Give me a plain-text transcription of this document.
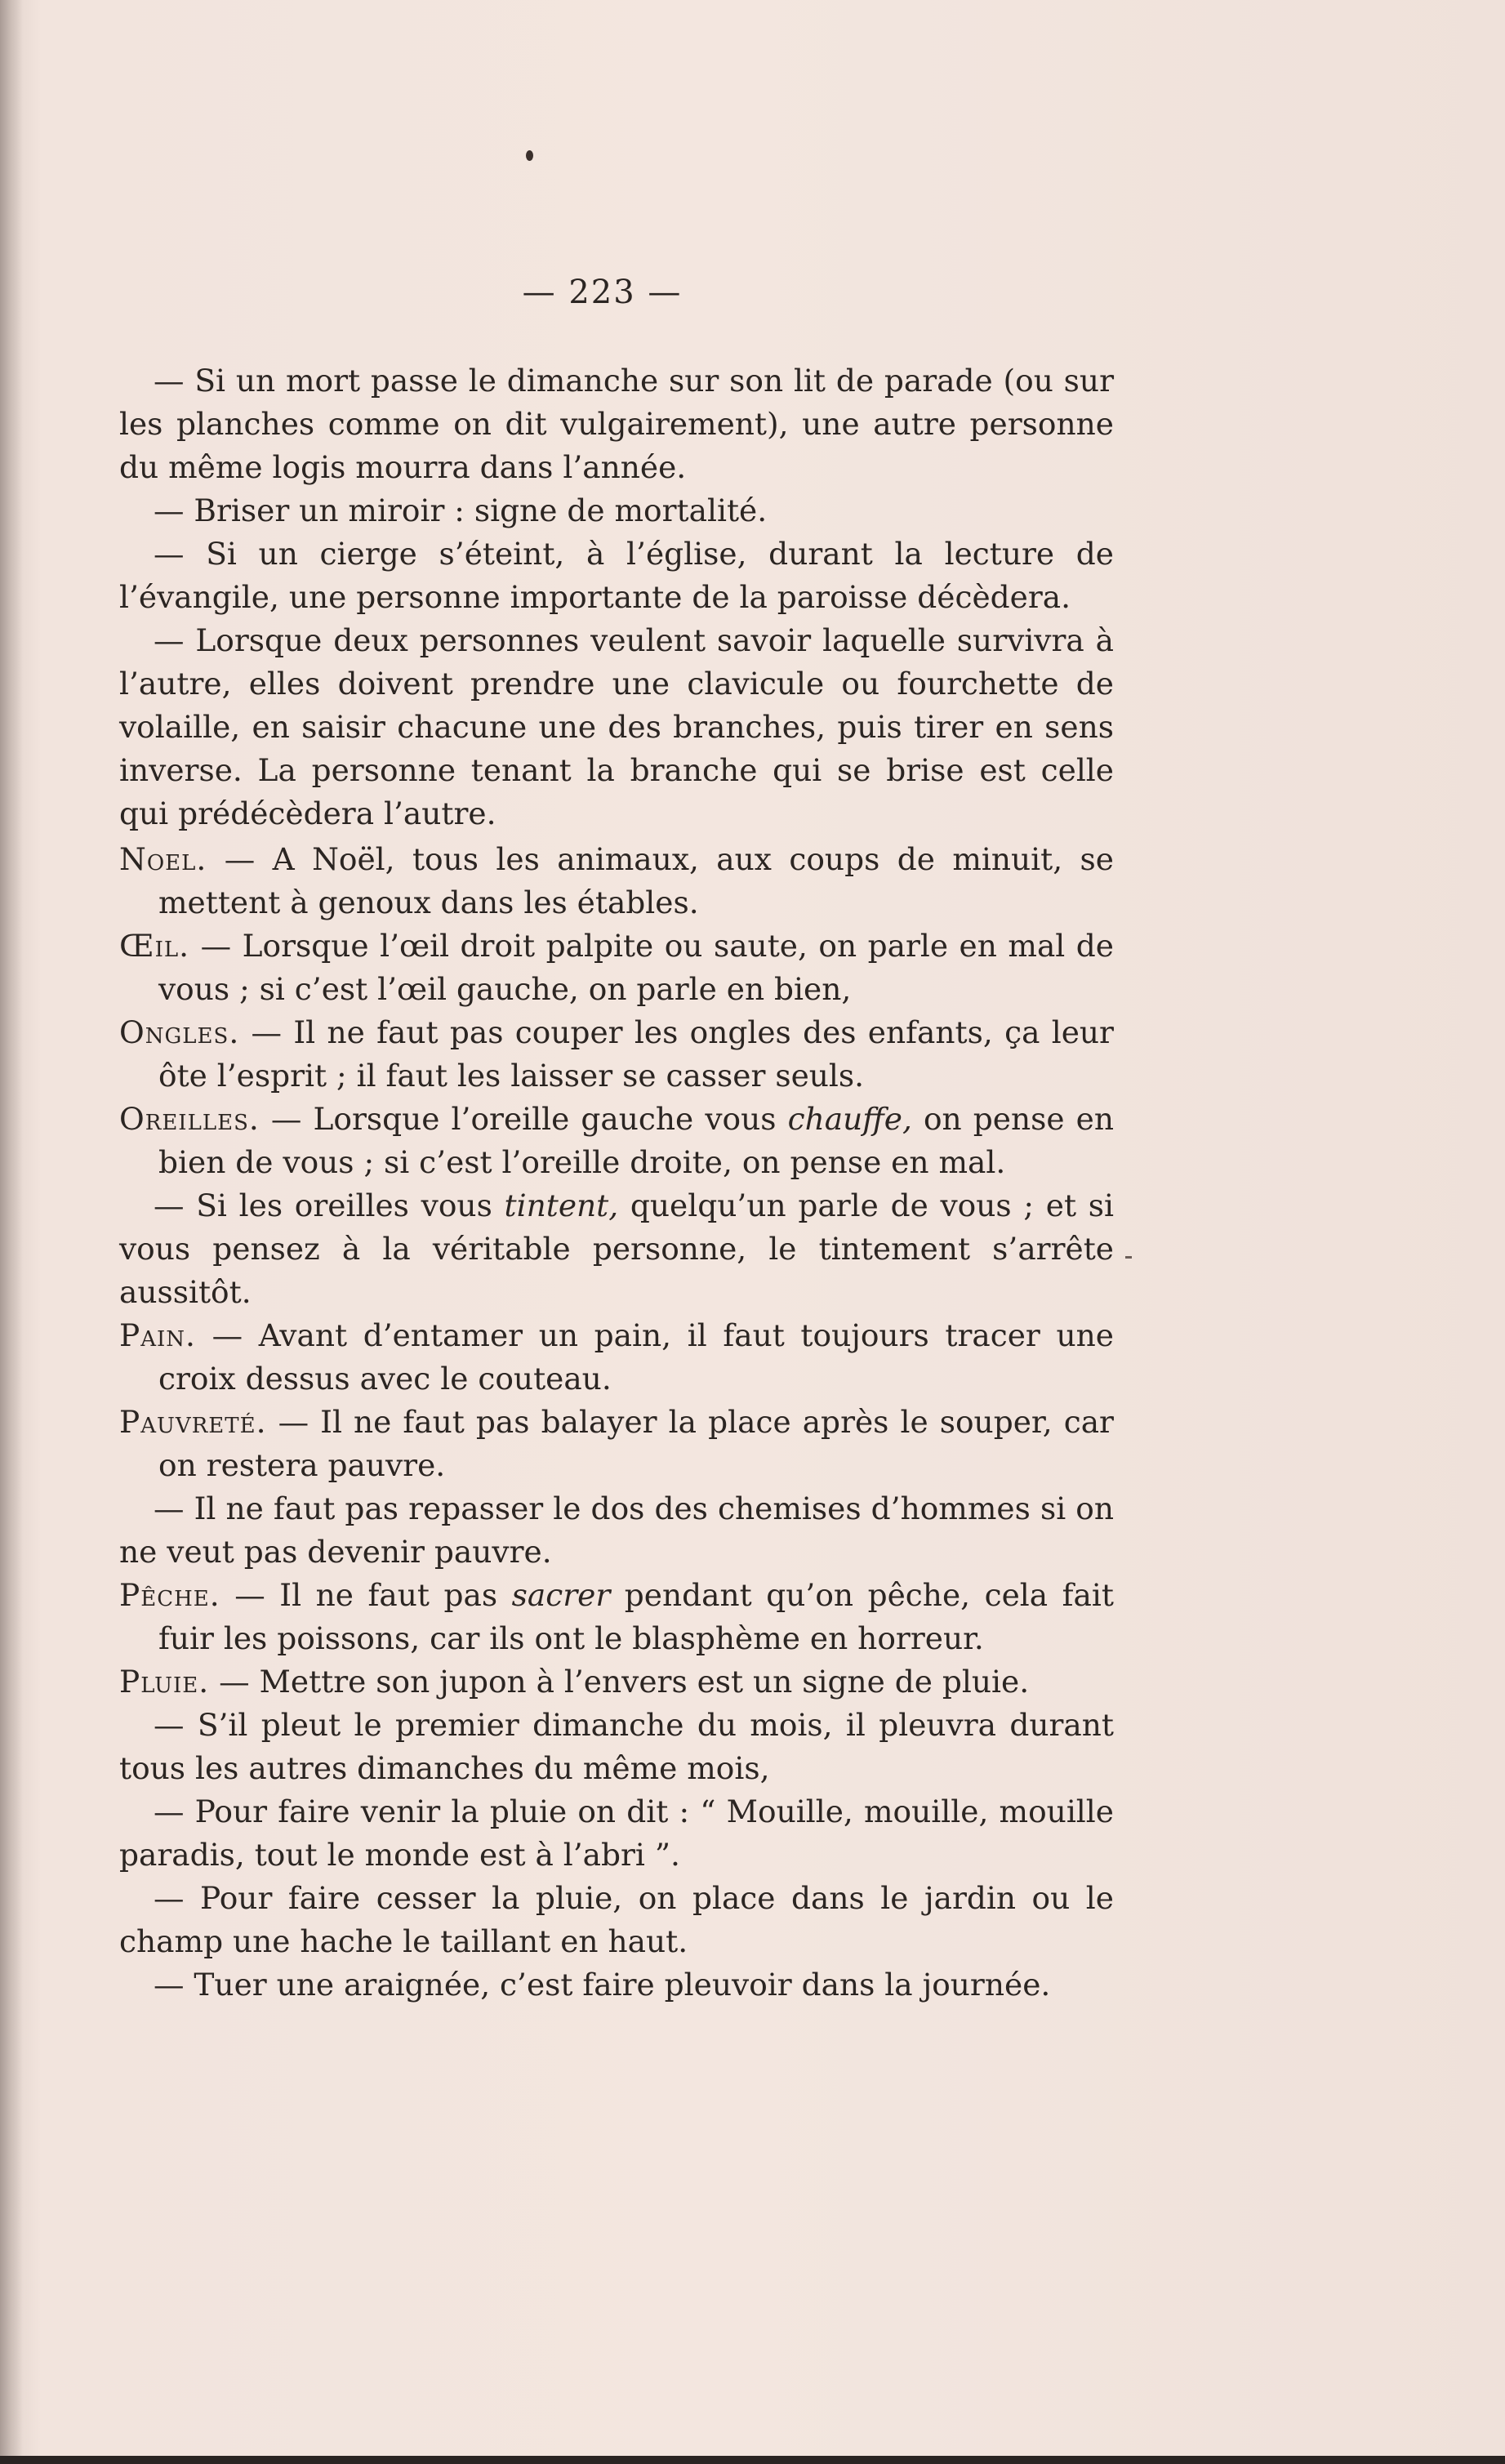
— 223 —

— Si un mort passe le dimanche sur son lit de parade (ou sur les planches comme on dit vulgairement), une autre personne du même logis mourra dans l’année.

— Briser un miroir : signe de mortalité.

— Si un cierge s’éteint, à l’église, durant la lecture de l’évangile, une personne importante de la paroisse décèdera.

— Lorsque deux personnes veulent savoir laquelle survivra à l’autre, elles doivent prendre une clavicule ou fourchette de volaille, en saisir chacune une des branches, puis tirer en sens inverse. La personne tenant la branche qui se brise est celle qui prédécèdera l’autre.

Noel. — A Noël, tous les animaux, aux coups de minuit, se mettent à genoux dans les étables.

Œil. — Lorsque l’œil droit palpite ou saute, on parle en mal de vous ; si c’est l’œil gauche, on parle en bien,

Ongles. — Il ne faut pas couper les ongles des enfants, ça leur ôte l’esprit ; il faut les laisser se casser seuls.

Oreilles. — Lorsque l’oreille gauche vous chauffe, on pense en bien de vous ; si c’est l’oreille droite, on pense en mal.

— Si les oreilles vous tintent, quelqu’un parle de vous ; et si vous pensez à la véritable personne, le tintement s’arrête aussitôt.

Pain. — Avant d’entamer un pain, il faut toujours tracer une croix dessus avec le couteau.

Pauvreté. — Il ne faut pas balayer la place après le souper, car on restera pauvre.

— Il ne faut pas repasser le dos des chemises d’hommes si on ne veut pas devenir pauvre.

Pêche. — Il ne faut pas sacrer pendant qu’on pêche, cela fait fuir les poissons, car ils ont le blasphème en horreur.

Pluie. — Mettre son jupon à l’envers est un signe de pluie.

— S’il pleut le premier dimanche du mois, il pleuvra durant tous les autres dimanches du même mois,

— Pour faire venir la pluie on dit : “ Mouille, mouille, mouille paradis, tout le monde est à l’abri ”.

— Pour faire cesser la pluie, on place dans le jardin ou le champ une hache le taillant en haut.

— Tuer une araignée, c’est faire pleuvoir dans la journée.
